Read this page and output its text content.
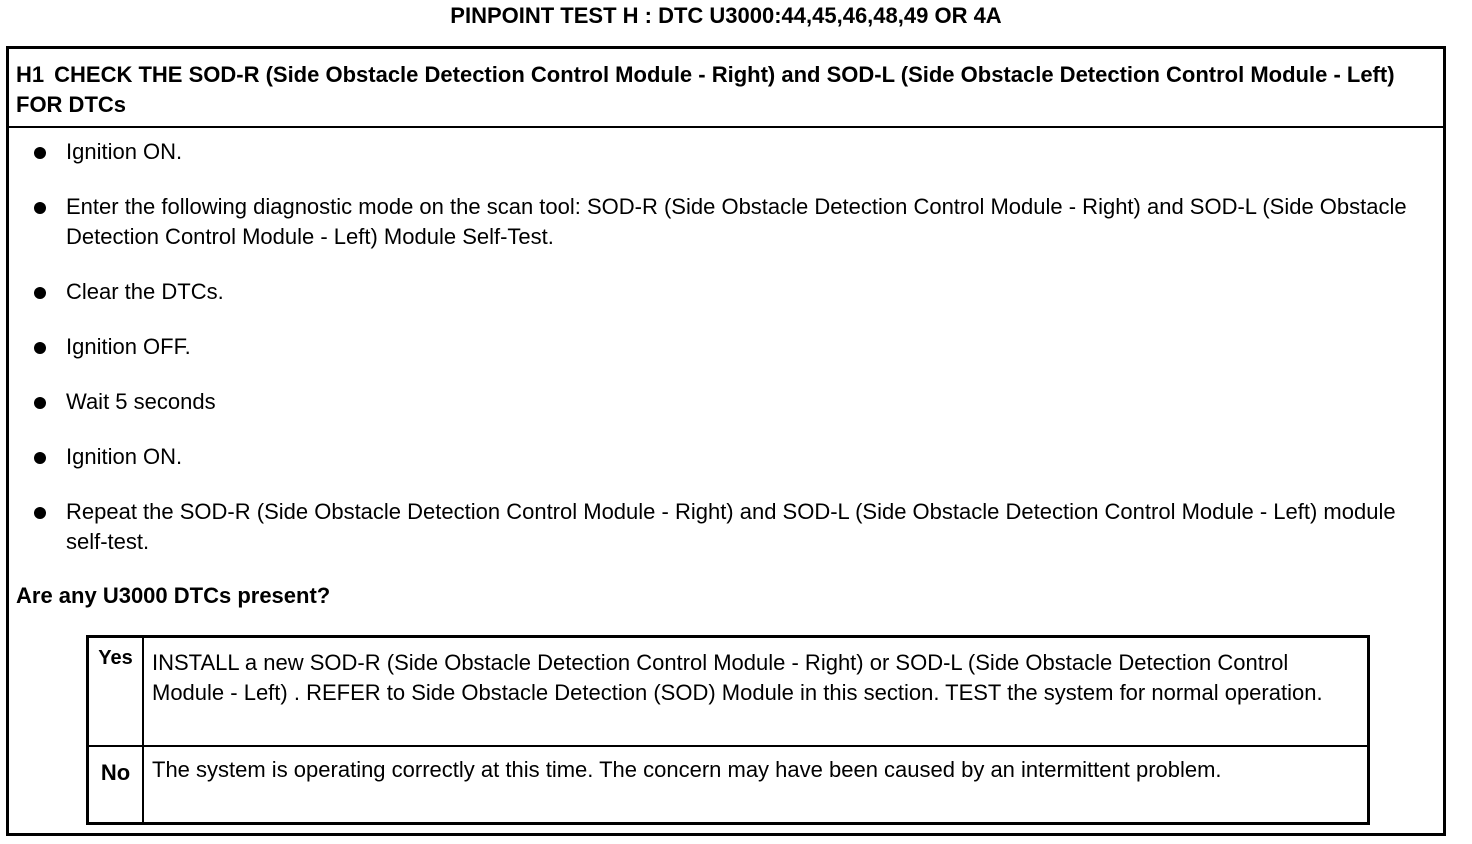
PINPOINT TEST H : DTC U3000:44,45,46,48,49 OR 4A
H1 CHECK THE SOD-R (Side Obstacle Detection Control Module - Right) and SOD-L (Side Obstacle Detection Control Module - Left) FOR DTCs
Ignition ON.
Enter the following diagnostic mode on the scan tool: SOD-R (Side Obstacle Detection Control Module - Right) and SOD-L (Side Obstacle Detection Control Module - Left) Module Self-Test.
Clear the DTCs.
Ignition OFF.
Wait 5 seconds
Ignition ON.
Repeat the SOD-R (Side Obstacle Detection Control Module - Right) and SOD-L (Side Obstacle Detection Control Module - Left) module self-test.
Are any U3000 DTCs present?
Yes INSTALL a new SOD-R (Side Obstacle Detection Control Module - Right) or SOD-L (Side Obstacle Detection Control Module - Left) . REFER to Side Obstacle Detection (SOD) Module in this section. TEST the system for normal operation.
No The system is operating correctly at this time. The concern may have been caused by an intermittent problem.
